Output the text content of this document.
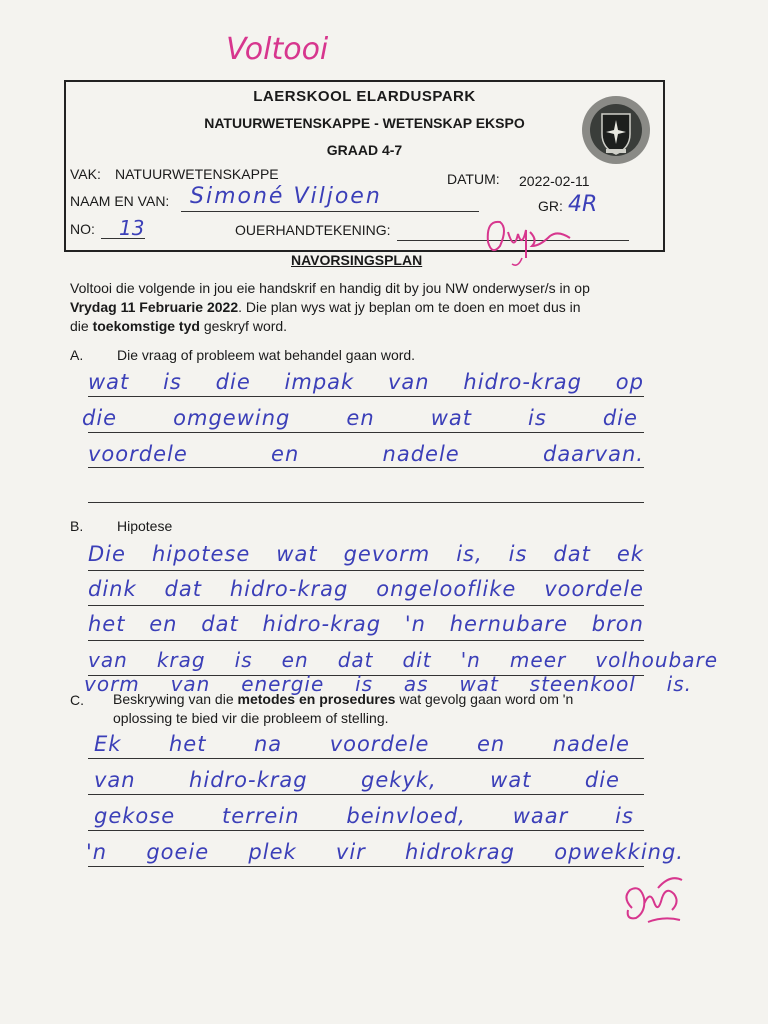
Voltooi
LAERSKOOL ELARDUSPARK
NATUURWETENSKAPPE - WETENSKAP EKSPO
GRAAD 4-7
VAK: NATUURWETENSKAPPE	DATUM: 2022-02-11
NAAM EN VAN: Simoné Viljoen	GR: 4R
NO: 13	OUERHANDTEKENING:
NAVORSINGSPLAN
Voltooi die volgende in jou eie handskrif en handig dit by jou NW onderwyser/s in op
Vrydag 11 Februarie 2022. Die plan wys wat jy beplan om te doen en moet dus in
die toekomstige tyd geskryf word.
A. Die vraag of probleem wat behandel gaan word.
wat is die impak van hidro-krag op
die	omgewing	en	wat	is	die
voordele	en	nadele	daarvan.
B. Hipotese
Die hipotese wat gevorm is, is dat ek
dink dat hidro-krag ongelooflike voordele
het en dat hidro-krag 'n hernubare bron
van krag is en dat dit 'n meer volhoubare
vorm van energie is as wat steenkool is.
C. Beskrywing van die metodes en prosedures wat gevolg gaan word om 'n
oplossing te bied vir die probleem of stelling.
Ek het na voordele en nadele
van	hidro-krag	gekyk,	wat	die
gekose terrein beinvloed, waar is
'n goeie plek vir hidrokrag opwekking.
